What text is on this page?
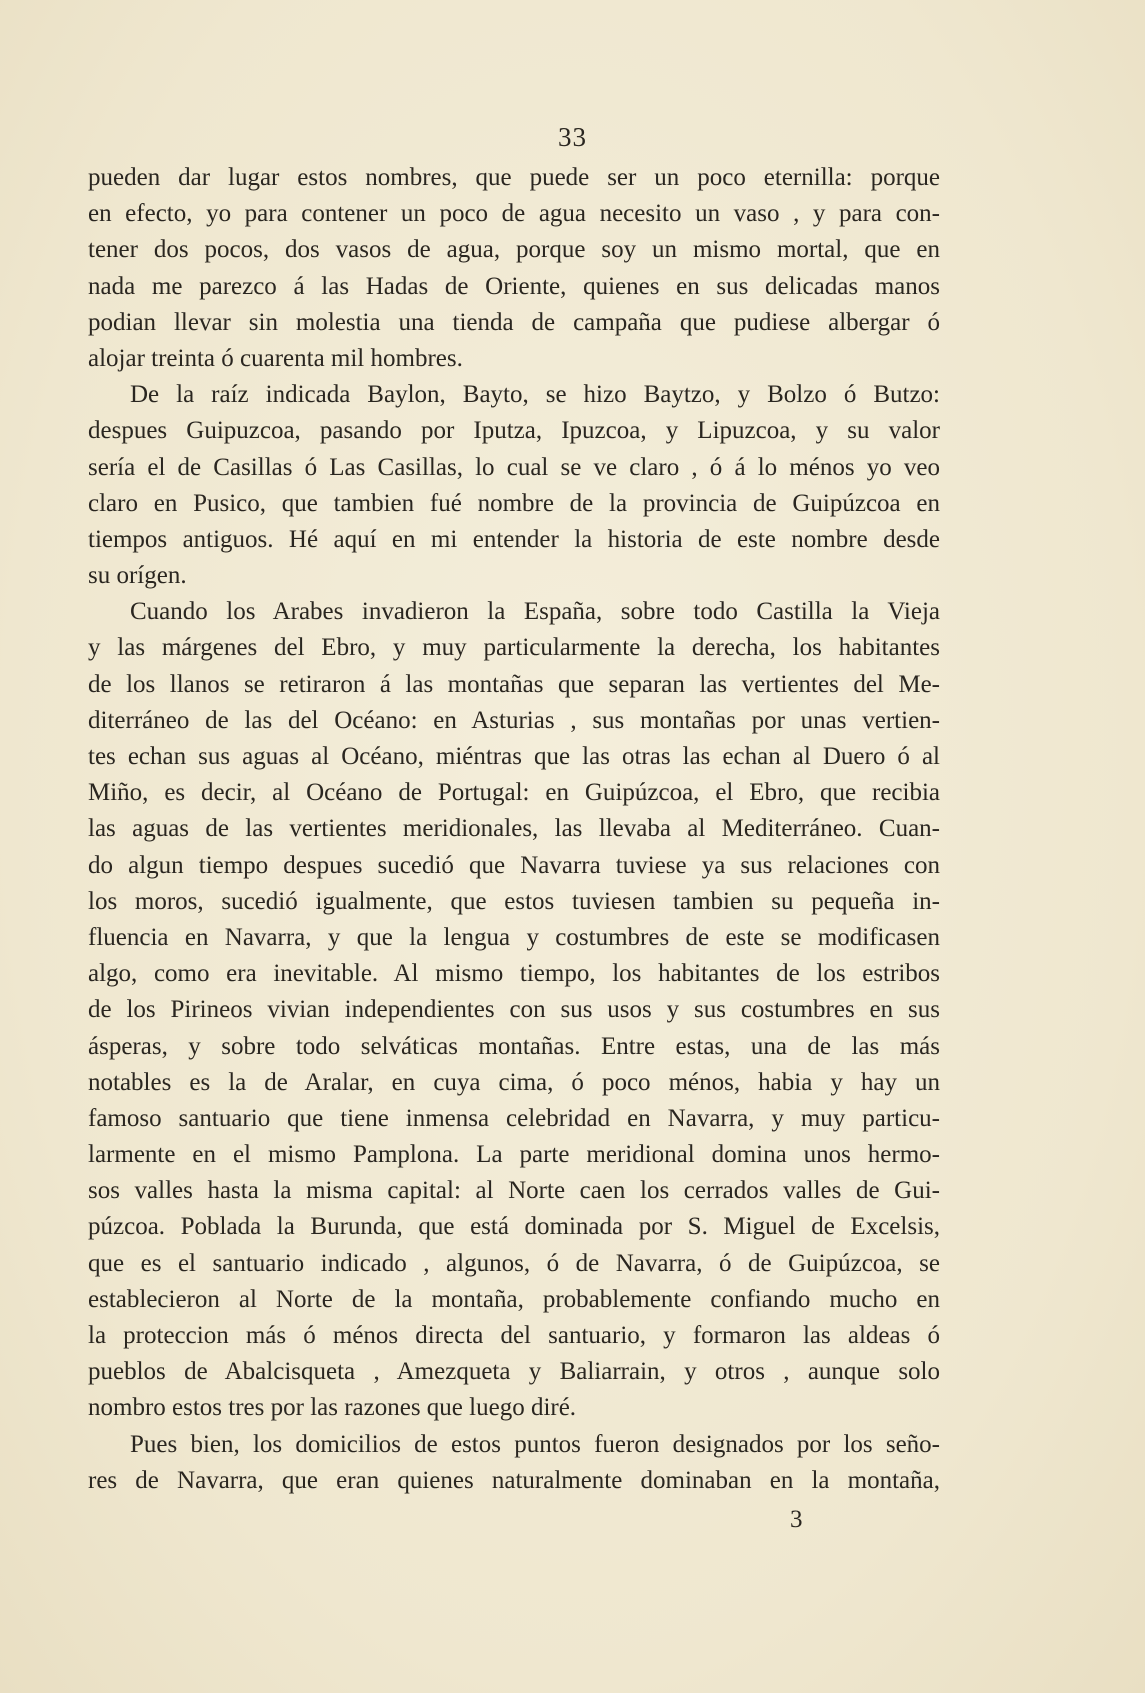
33
pueden dar lugar estos nombres, que puede ser un poco eternilla: porque
en efecto, yo para contener un poco de agua necesito un vaso , y para con-
tener dos pocos, dos vasos de agua, porque soy un mismo mortal, que en
nada me parezco á las Hadas de Oriente, quienes en sus delicadas manos
podian llevar sin molestia una tienda de campaña que pudiese albergar ó
alojar treinta ó cuarenta mil hombres.
De la raíz indicada Baylon, Bayto, se hizo Baytzo, y Bolzo ó Butzo:
despues Guipuzcoa, pasando por Iputza, Ipuzcoa, y Lipuzcoa, y su valor
sería el de Casillas ó Las Casillas, lo cual se ve claro , ó á lo ménos yo veo
claro en Pusico, que tambien fué nombre de la provincia de Guipúzcoa en
tiempos antiguos. Hé aquí en mi entender la historia de este nombre desde
su orígen.
Cuando los Arabes invadieron la España, sobre todo Castilla la Vieja
y las márgenes del Ebro, y muy particularmente la derecha, los habitantes
de los llanos se retiraron á las montañas que separan las vertientes del Me-
diterráneo de las del Océano: en Asturias , sus montañas por unas vertien-
tes echan sus aguas al Océano, miéntras que las otras las echan al Duero ó al
Miño, es decir, al Océano de Portugal: en Guipúzcoa, el Ebro, que recibia
las aguas de las vertientes meridionales, las llevaba al Mediterráneo. Cuan-
do algun tiempo despues sucedió que Navarra tuviese ya sus relaciones con
los moros, sucedió igualmente, que estos tuviesen tambien su pequeña in-
fluencia en Navarra, y que la lengua y costumbres de este se modificasen
algo, como era inevitable. Al mismo tiempo, los habitantes de los estribos
de los Pirineos vivian independientes con sus usos y sus costumbres en sus
ásperas, y sobre todo selváticas montañas. Entre estas, una de las más
notables es la de Aralar, en cuya cima, ó poco ménos, habia y hay un
famoso santuario que tiene inmensa celebridad en Navarra, y muy particu-
larmente en el mismo Pamplona. La parte meridional domina unos hermo-
sos valles hasta la misma capital: al Norte caen los cerrados valles de Gui-
púzcoa. Poblada la Burunda, que está dominada por S. Miguel de Excelsis,
que es el santuario indicado , algunos, ó de Navarra, ó de Guipúzcoa, se
establecieron al Norte de la montaña, probablemente confiando mucho en
la proteccion más ó ménos directa del santuario, y formaron las aldeas ó
pueblos de Abalcisqueta , Amezqueta y Baliarrain, y otros , aunque solo
nombro estos tres por las razones que luego diré.
Pues bien, los domicilios de estos puntos fueron designados por los seño-
res de Navarra, que eran quienes naturalmente dominaban en la montaña,
3
